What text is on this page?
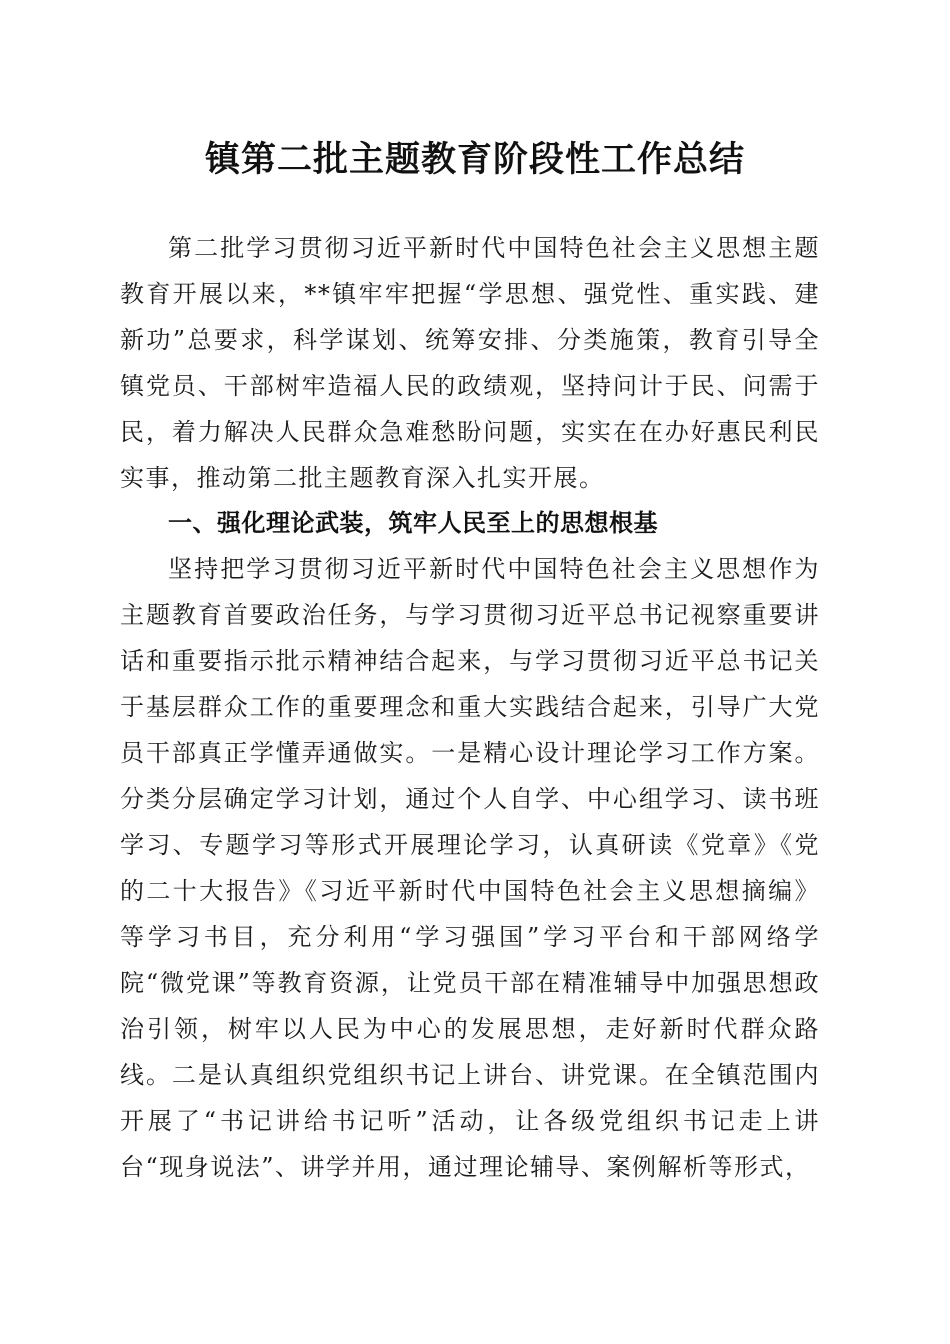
镇第二批主题教育阶段性工作总结

第二批学习贯彻习近平新时代中国特色社会主义思想主题教育开展以来，**镇牢牢把握“学思想、强党性、重实践、建新功”总要求，科学谋划、统筹安排、分类施策，教育引导全镇党员、干部树牢造福人民的政绩观，坚持问计于民、问需于民，着力解决人民群众急难愁盼问题，实实在在办好惠民利民实事，推动第二批主题教育深入扎实开展。

一、强化理论武装，筑牢人民至上的思想根基

坚持把学习贯彻习近平新时代中国特色社会主义思想作为主题教育首要政治任务，与学习贯彻习近平总书记视察重要讲话和重要指示批示精神结合起来，与学习贯彻习近平总书记关于基层群众工作的重要理念和重大实践结合起来，引导广大党员干部真正学懂弄通做实。一是精心设计理论学习工作方案。分类分层确定学习计划，通过个人自学、中心组学习、读书班学习、专题学习等形式开展理论学习，认真研读《党章》《党的二十大报告》《习近平新时代中国特色社会主义思想摘编》等学习书目，充分利用“学习强国”学习平台和干部网络学院“微党课”等教育资源，让党员干部在精准辅导中加强思想政治引领，树牢以人民为中心的发展思想，走好新时代群众路线。二是认真组织党组织书记上讲台、讲党课。在全镇范围内开展了“书记讲给书记听”活动，让各级党组织书记走上讲台“现身说法”、讲学并用，通过理论辅导、案例解析等形式，
